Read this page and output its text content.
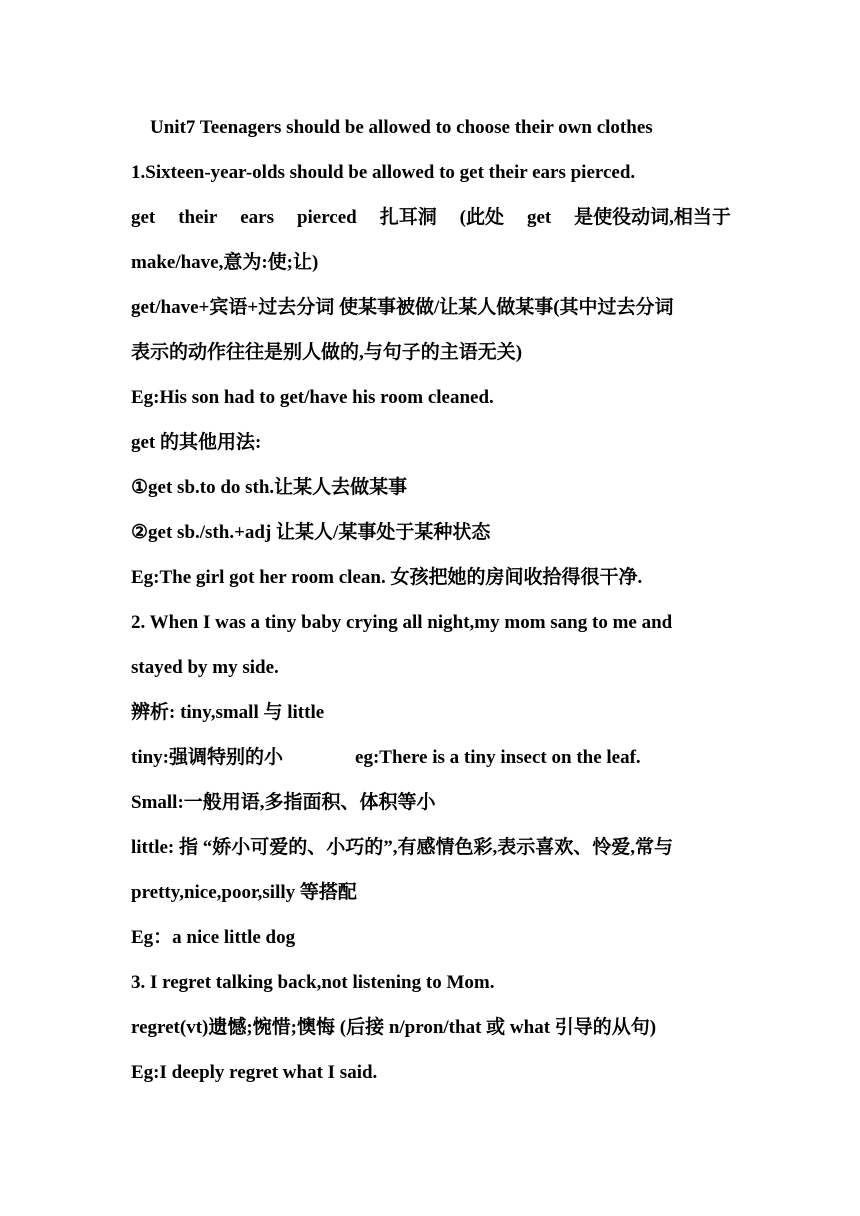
Unit7 Teenagers should be allowed to choose their own clothes
1.Sixteen-year-olds should be allowed to get their ears pierced.
get their ears pierced 扎耳洞 (此处 get 是使役动词,相当于
make/have,意为:使;让)
get/have+宾语+过去分词 使某事被做/让某人做某事(其中过去分词
表示的动作往往是别人做的,与句子的主语无关)
Eg:His son had to get/have his room cleaned.
get 的其他用法:
①get sb.to do sth.让某人去做某事
②get sb./sth.+adj 让某人/某事处于某种状态
Eg:The girl got her room clean. 女孩把她的房间收拾得很干净.
2. When I was a tiny baby crying all night,my mom sang to me and
stayed by my side.
辨析: tiny,small 与 little
tiny:强调特别的小	eg:There is a tiny insect on the leaf.
Small:一般用语,多指面积、体积等小
little: 指 “娇小可爱的、小巧的”,有感情色彩,表示喜欢、怜爱,常与
pretty,nice,poor,silly 等搭配
Eg：a nice little dog
3. I regret talking back,not listening to Mom.
regret(vt)遗憾;惋惜;懊悔 (后接 n/pron/that 或 what 引导的从句)
Eg:I deeply regret what I said.
